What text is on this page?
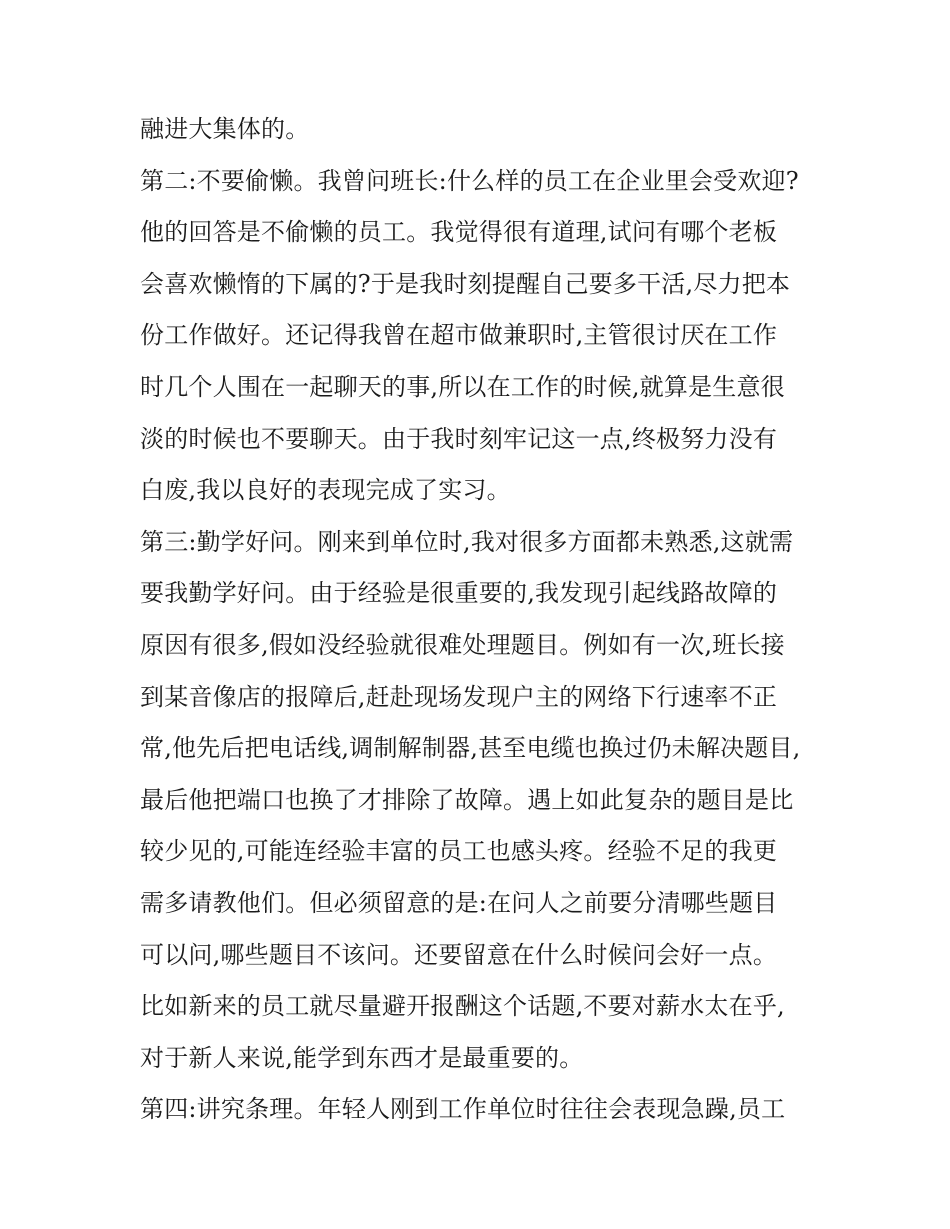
融进大集体的。
第二:不要偷懒。我曾问班长:什么样的员工在企业里会受欢迎?
他的回答是不偷懒的员工。我觉得很有道理,试问有哪个老板
会喜欢懒惰的下属的?于是我时刻提醒自己要多干活,尽力把本
份工作做好。还记得我曾在超市做兼职时,主管很讨厌在工作
时几个人围在一起聊天的事,所以在工作的时候,就算是生意很
淡的时候也不要聊天。由于我时刻牢记这一点,终极努力没有
白废,我以良好的表现完成了实习。
第三:勤学好问。刚来到单位时,我对很多方面都未熟悉,这就需
要我勤学好问。由于经验是很重要的,我发现引起线路故障的
原因有很多,假如没经验就很难处理题目。例如有一次,班长接
到某音像店的报障后,赶赴现场发现户主的网络下行速率不正
常,他先后把电话线,调制解制器,甚至电缆也换过仍未解决题目,
最后他把端口也换了才排除了故障。遇上如此复杂的题目是比
较少见的,可能连经验丰富的员工也感头疼。经验不足的我更
需多请教他们。但必须留意的是:在问人之前要分清哪些题目
可以问,哪些题目不该问。还要留意在什么时候问会好一点。
比如新来的员工就尽量避开报酬这个话题,不要对薪水太在乎,
对于新人来说,能学到东西才是最重要的。
第四:讲究条理。年轻人刚到工作单位时往往会表现急躁,员工
